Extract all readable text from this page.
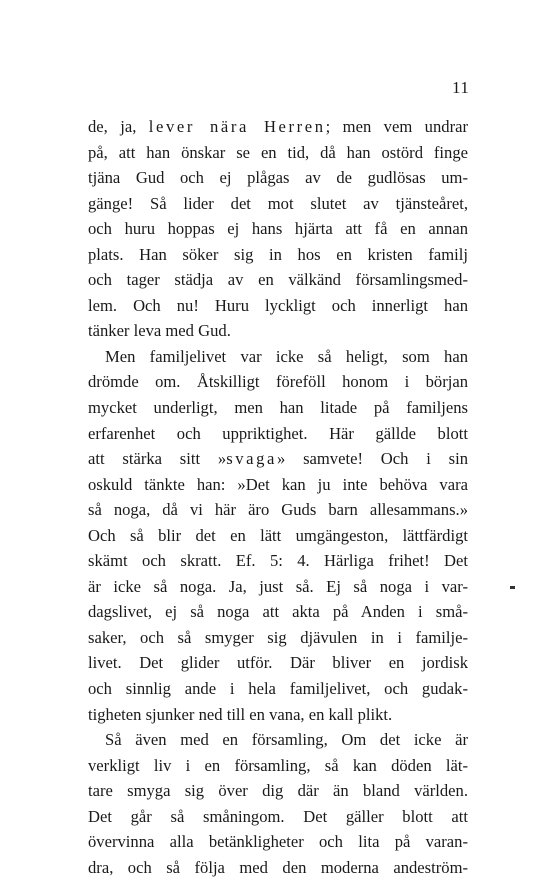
11
de, ja, lever nära Herren; men vem undrar
på, att han önskar se en tid, då han ostörd finge
tjäna Gud och ej plågas av de gudlösas um-
gänge! Så lider det mot slutet av tjänsteåret,
och huru hoppas ej hans hjärta att få en annan
plats. Han söker sig in hos en kristen familj
och tager städja av en välkänd församlingsmed-
lem. Och nu! Huru lyckligt och innerligt han
tänker leva med Gud.
Men familjelivet var icke så heligt, som han
drömde om. Åtskilligt föreföll honom i början
mycket underligt, men han litade på familjens
erfarenhet och uppriktighet. Här gällde blott
att stärka sitt »svaga» samvete! Och i sin
oskuld tänkte han: »Det kan ju inte behöva vara
så noga, då vi här äro Guds barn allesammans.»
Och så blir det en lätt umgängeston, lättfärdigt
skämt och skratt. Ef. 5: 4. Härliga frihet! Det
är icke så noga. Ja, just så. Ej så noga i var-
dagslivet, ej så noga att akta på Anden i små-
saker, och så smyger sig djävulen in i familje-
livet. Det glider utför. Där bliver en jordisk
och sinnlig ande i hela familjelivet, och gudak-
tigheten sjunker ned till en vana, en kall plikt.
Så även med en församling, Om det icke är
verkligt liv i en församling, så kan döden lät-
tare smyga sig över dig där än bland världen.
Det går så småningom. Det gäller blott att
övervinna alla betänkligheter och lita på varan-
dra, och så följa med den moderna andeström-
